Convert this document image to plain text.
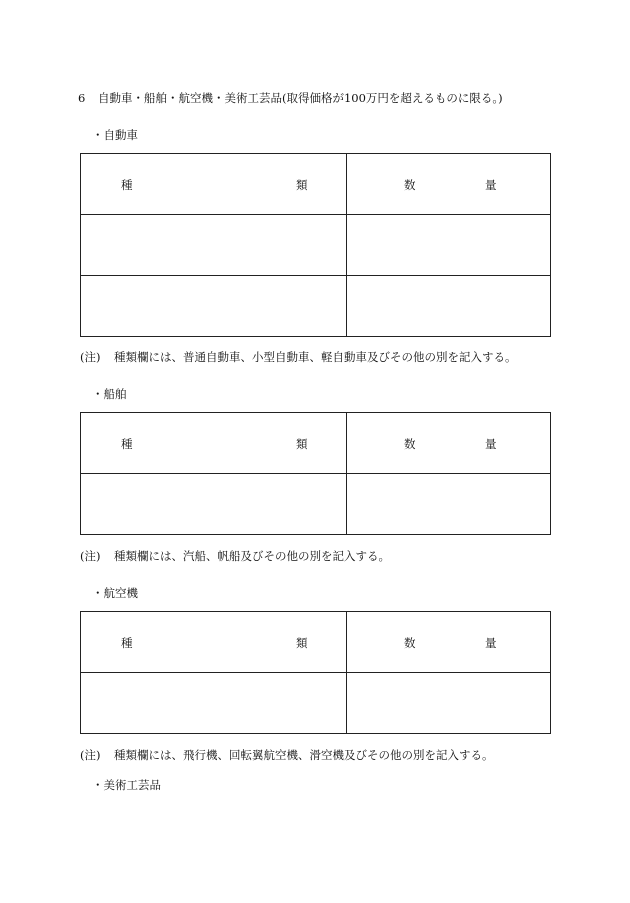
6 自動車・船舶・航空機・美術工芸品(取得価格が100万円を超えるものに限る。)
・自動車
種 類	数 量

(注) 種類欄には、普通自動車、小型自動車、軽自動車及びその他の別を記入する。
・船舶
種 類	数 量

(注) 種類欄には、汽船、帆船及びその他の別を記入する。
・航空機
種 類	数 量

(注) 種類欄には、飛行機、回転翼航空機、滑空機及びその他の別を記入する。
・美術工芸品
